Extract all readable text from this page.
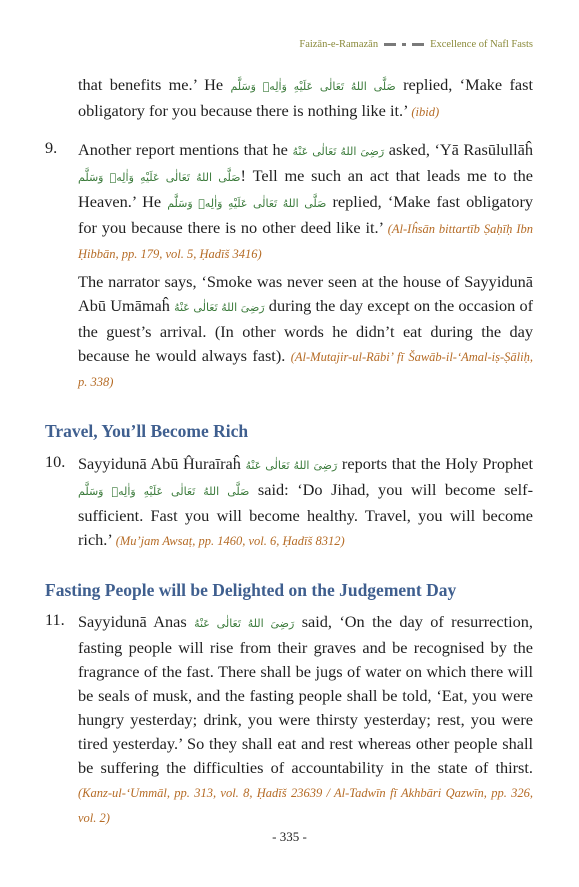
Faizān-e-Ramazān	Excellence of Nafl Fasts

that benefits me.’ He صَلَّى اللهُ تَعَالٰى عَلَيْهِ وَاٰلِهٖ وَسَلَّم replied, ‘Make fast obligatory for you because there is nothing like it.’ (ibid)

9. Another report mentions that he رَضِىَ اللهُ تَعَالٰى عَنْهُ asked, ‘Yā Rasūlullāĥ صَلَّى اللهُ تَعَالٰى عَلَيْهِ وَاٰلِهٖ وَسَلَّم! Tell me such an act that leads me to the Heaven.’ He صَلَّى اللهُ تَعَالٰى عَلَيْهِ وَاٰلِهٖ وَسَلَّم replied, ‘Make fast obligatory for you because there is no other deed like it.’ (Al-Iĥsān bittartīb Ṣaḥīḥ Ibn Ḥibbān, pp. 179, vol. 5, Ḥadīš 3416)

The narrator says, ‘Smoke was never seen at the house of Sayyidunā Abū Umāmaĥ رَضِىَ اللهُ تَعَالٰى عَنْهُ during the day except on the occasion of the guest’s arrival. (In other words he didn’t eat during the day because he would always fast). (Al-Mutajir-ul-Rābi’ fī Šawāb-il-‘Amal-iṣ-Ṣāliḥ, p. 338)

Travel, You’ll Become Rich
10. Sayyidunā Abū Ĥuraīraĥ رَضِىَ اللهُ تَعَالٰى عَنْهُ reports that the Holy Prophet صَلَّى اللهُ تَعَالٰى عَلَيْهِ وَاٰلِهٖ وَسَلَّم said: ‘Do Jihad, you will become self-sufficient. Fast you will become healthy. Travel, you will become rich.’ (Mu’jam Awsaṭ, pp. 1460, vol. 6, Ḥadīš 8312)

Fasting People will be Delighted on the Judgement Day
11. Sayyidunā Anas رَضِىَ اللهُ تَعَالٰى عَنْهُ said, ‘On the day of resurrection, fasting people will rise from their graves and be recognised by the fragrance of the fast. There shall be jugs of water on which there will be seals of musk, and the fasting people shall be told, ‘Eat, you were hungry yesterday; drink, you were thirsty yesterday; rest, you were tired yesterday.’ So they shall eat and rest whereas other people shall be suffering the difficulties of accountability in the state of thirst. (Kanz-ul-‘Ummāl, pp. 313, vol. 8, Ḥadīš 23639 / Al-Tadwīn fī Akhbāri Qazwīn, pp. 326, vol. 2)

- 335 -
